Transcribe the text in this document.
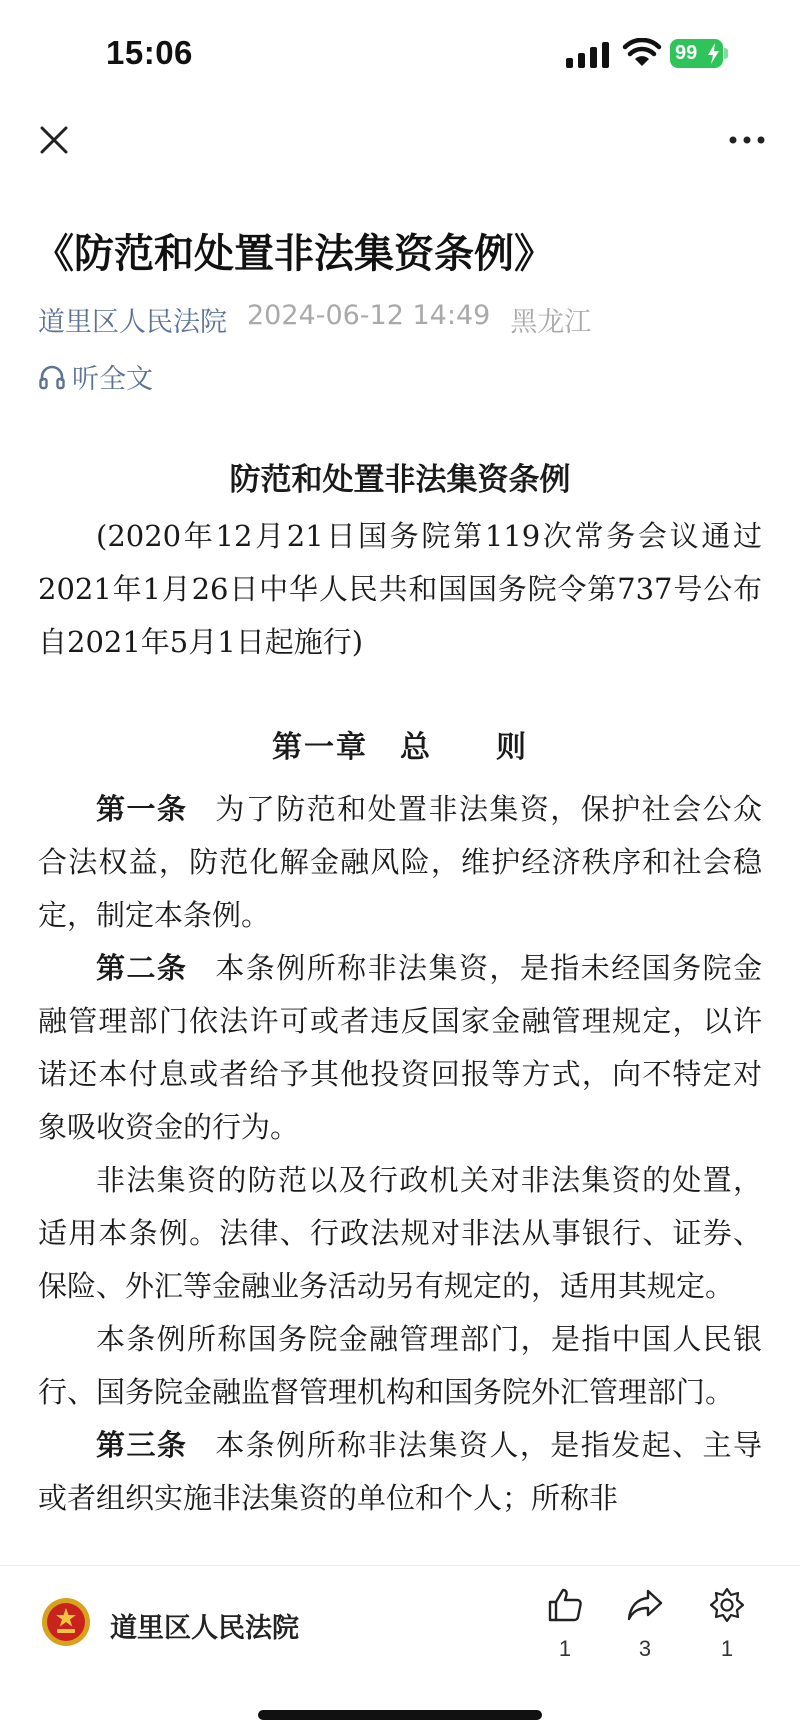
15:06	99
《防范和处置非法集资条例》
道里区人民法院 2024-06-12 14:49 黑龙江
听全文
防范和处置非法集资条例
(2020年12月21日国务院第119次常务会议通过　2021年1月26日中华人民共和国国务院令第737号公布　自2021年5月1日起施行)
第一章　总　　则
第一条 为了防范和处置非法集资，保护社会公众合法权益，防范化解金融风险，维护经济秩序和社会稳定，制定本条例。
第二条 本条例所称非法集资，是指未经国务院金融管理部门依法许可或者违反国家金融管理规定，以许诺还本付息或者给予其他投资回报等方式，向不特定对象吸收资金的行为。
非法集资的防范以及行政机关对非法集资的处置，适用本条例。法律、行政法规对非法从事银行、证券、保险、外汇等金融业务活动另有规定的，适用其规定。
本条例所称国务院金融管理部门，是指中国人民银行、国务院金融监督管理机构和国务院外汇管理部门。
第三条 本条例所称非法集资人，是指发起、主导或者组织实施非法集资的单位和个人；所称非
道里区人民法院
1	3	1
